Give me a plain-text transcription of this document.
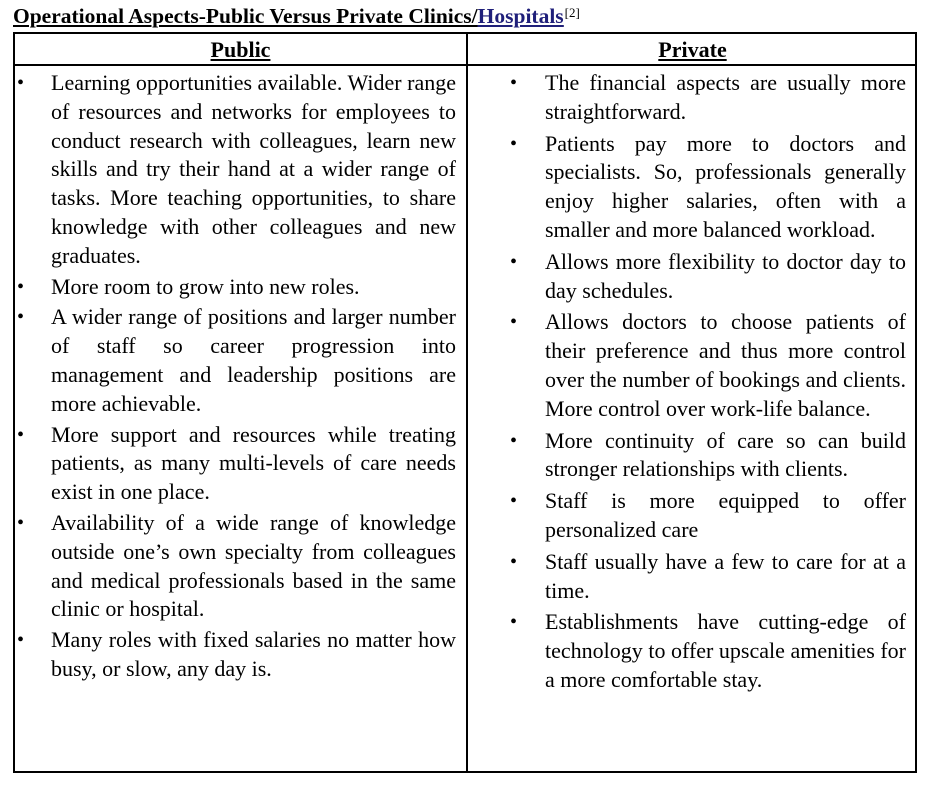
Operational Aspects-Public Versus Private Clinics/Hospitals[2]
Public	Private
• Learning opportunities available. Wider range of resources and networks for employees to conduct research with colleagues, learn new skills and try their hand at a wider range of tasks. More teaching opportunities, to share knowledge with other colleagues and new graduates.
• More room to grow into new roles.
• A wider range of positions and larger number of staff so career progression into management and leadership positions are more achievable.
• More support and resources while treating patients, as many multi-levels of care needs exist in one place.
• Availability of a wide range of knowledge outside one’s own specialty from colleagues and medical professionals based in the same clinic or hospital.
• Many roles with fixed salaries no matter how busy, or slow, any day is.
• The financial aspects are usually more straightforward.
• Patients pay more to doctors and specialists. So, professionals generally enjoy higher salaries, often with a smaller and more balanced workload.
• Allows more flexibility to doctor day to day schedules.
• Allows doctors to choose patients of their preference and thus more control over the number of bookings and clients. More control over work-life balance.
• More continuity of care so can build stronger relationships with clients.
• Staff is more equipped to offer personalized care
• Staff usually have a few to care for at a time.
• Establishments have cutting-edge of technology to offer upscale amenities for a more comfortable stay.
